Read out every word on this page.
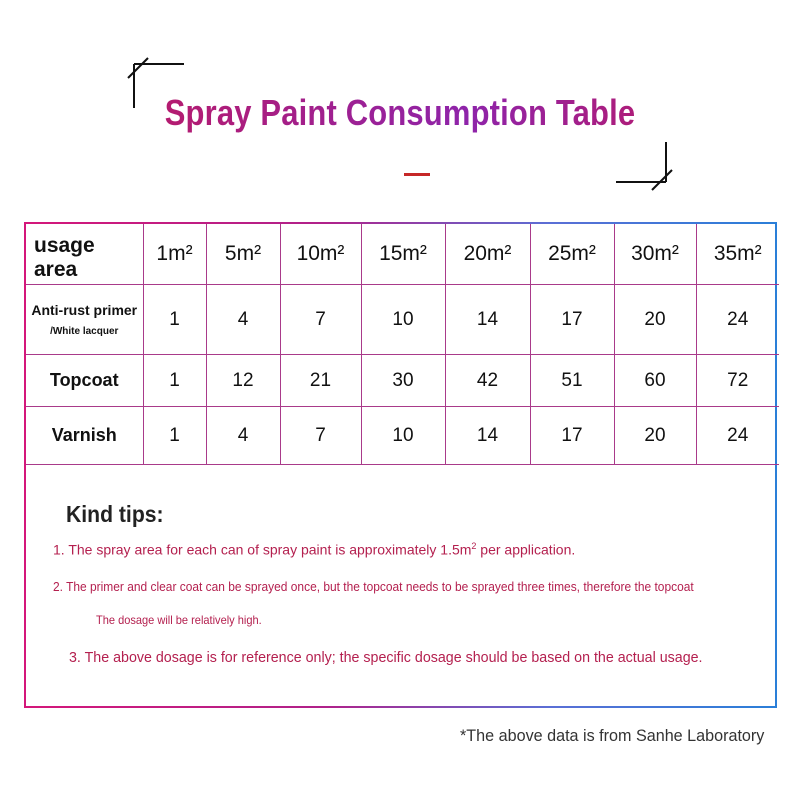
Spray Paint Consumption Table
usage area	1m²	5m²	10m²	15m²	20m²	25m²	30m²	35m²

Anti-rust primer
/White lacquer	1	4	7	10	14	17	20	24
Topcoat	1	12	21	30	42	51	60	72
Varnish	1	4	7	10	14	17	20	24
Kind tips:
1. The spray area for each can of spray paint is approximately $1.5m^2$ per application.
2. The primer and clear coat can be sprayed once, but the topcoat needs to be sprayed three times, therefore the topcoat
The dosage will be relatively high.
3. The above dosage is for reference only; the specific dosage should be based on the actual usage.
*The above data is from Sanhe Laboratory
